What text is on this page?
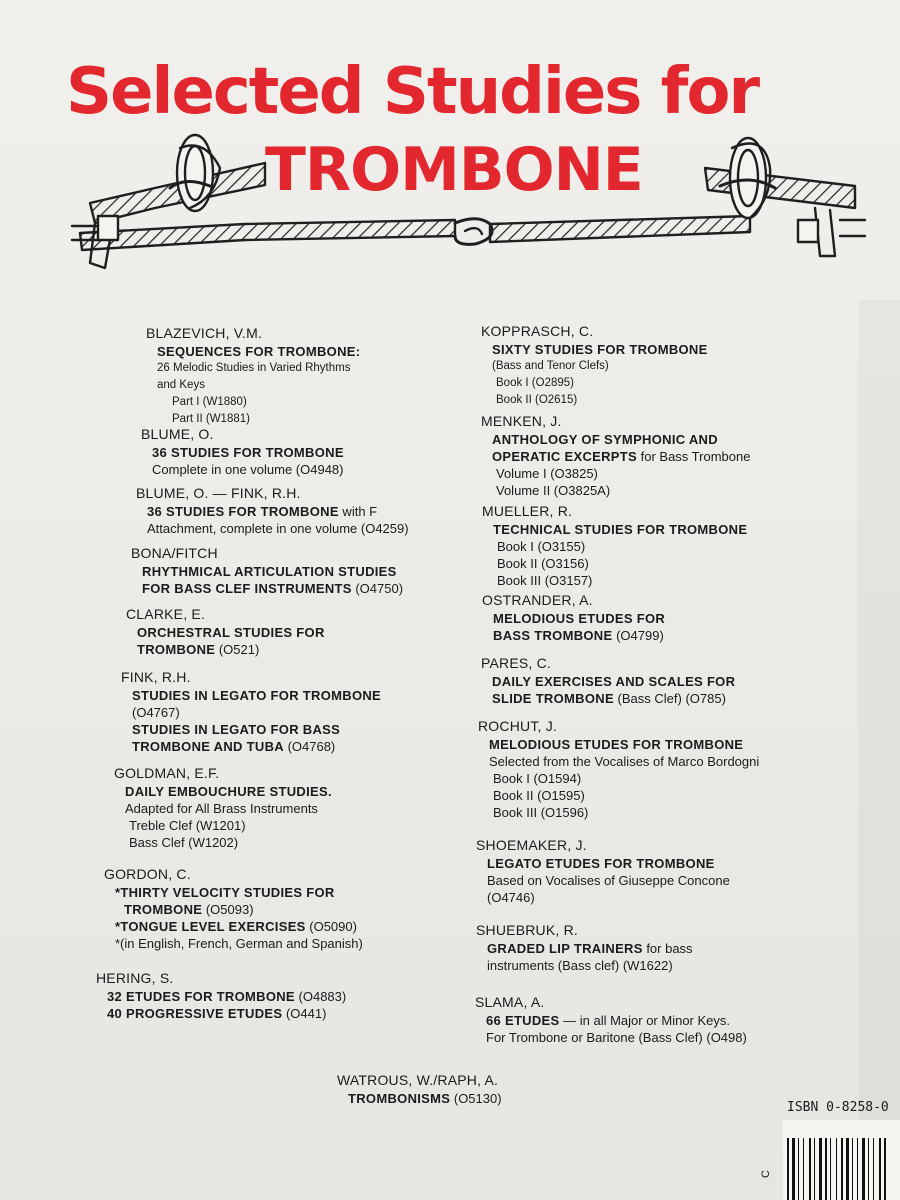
Selected Studies for
TROMBONE
BLAZEVICH, V.M.
SEQUENCES FOR TROMBONE:
26 Melodic Studies in Varied Rhythms
and Keys
Part I (W1880)
Part II (W1881)
BLUME, O.
36 STUDIES FOR TROMBONE
Complete in one volume (O4948)
BLUME, O. — FINK, R.H.
36 STUDIES FOR TROMBONE with F
Attachment, complete in one volume (O4259)
BONA/FITCH
RHYTHMICAL ARTICULATION STUDIES
FOR BASS CLEF INSTRUMENTS (O4750)
CLARKE, E.
ORCHESTRAL STUDIES FOR
TROMBONE (O521)
FINK, R.H.
STUDIES IN LEGATO FOR TROMBONE
(O4767)
STUDIES IN LEGATO FOR BASS
TROMBONE AND TUBA (O4768)
GOLDMAN, E.F.
DAILY EMBOUCHURE STUDIES.
Adapted for All Brass Instruments
Treble Clef (W1201)
Bass Clef (W1202)
GORDON, C.
*THIRTY VELOCITY STUDIES FOR
TROMBONE (O5093)
*TONGUE LEVEL EXERCISES (O5090)
*(in English, French, German and Spanish)
HERING, S.
32 ETUDES FOR TROMBONE (O4883)
40 PROGRESSIVE ETUDES (O441)
KOPPRASCH, C.
SIXTY STUDIES FOR TROMBONE
(Bass and Tenor Clefs)
Book I (O2895)
Book II (O2615)
MENKEN, J.
ANTHOLOGY OF SYMPHONIC AND
OPERATIC EXCERPTS for Bass Trombone
Volume I (O3825)
Volume II (O3825A)
MUELLER, R.
TECHNICAL STUDIES FOR TROMBONE
Book I (O3155)
Book II (O3156)
Book III (O3157)
OSTRANDER, A.
MELODIOUS ETUDES FOR
BASS TROMBONE (O4799)
PARES, C.
DAILY EXERCISES AND SCALES FOR
SLIDE TROMBONE (Bass Clef) (O785)
ROCHUT, J.
MELODIOUS ETUDES FOR TROMBONE
Selected from the Vocalises of Marco Bordogni
Book I (O1594)
Book II (O1595)
Book III (O1596)
SHOEMAKER, J.
LEGATO ETUDES FOR TROMBONE
Based on Vocalises of Giuseppe Concone
(O4746)
SHUEBRUK, R.
GRADED LIP TRAINERS for bass
instruments (Bass clef) (W1622)
SLAMA, A.
66 ETUDES — in all Major or Minor Keys.
For Trombone or Baritone (Bass Clef) (O498)
WATROUS, W./RAPH, A.
TROMBONISMS (O5130)
ISBN 0-8258-0
C
